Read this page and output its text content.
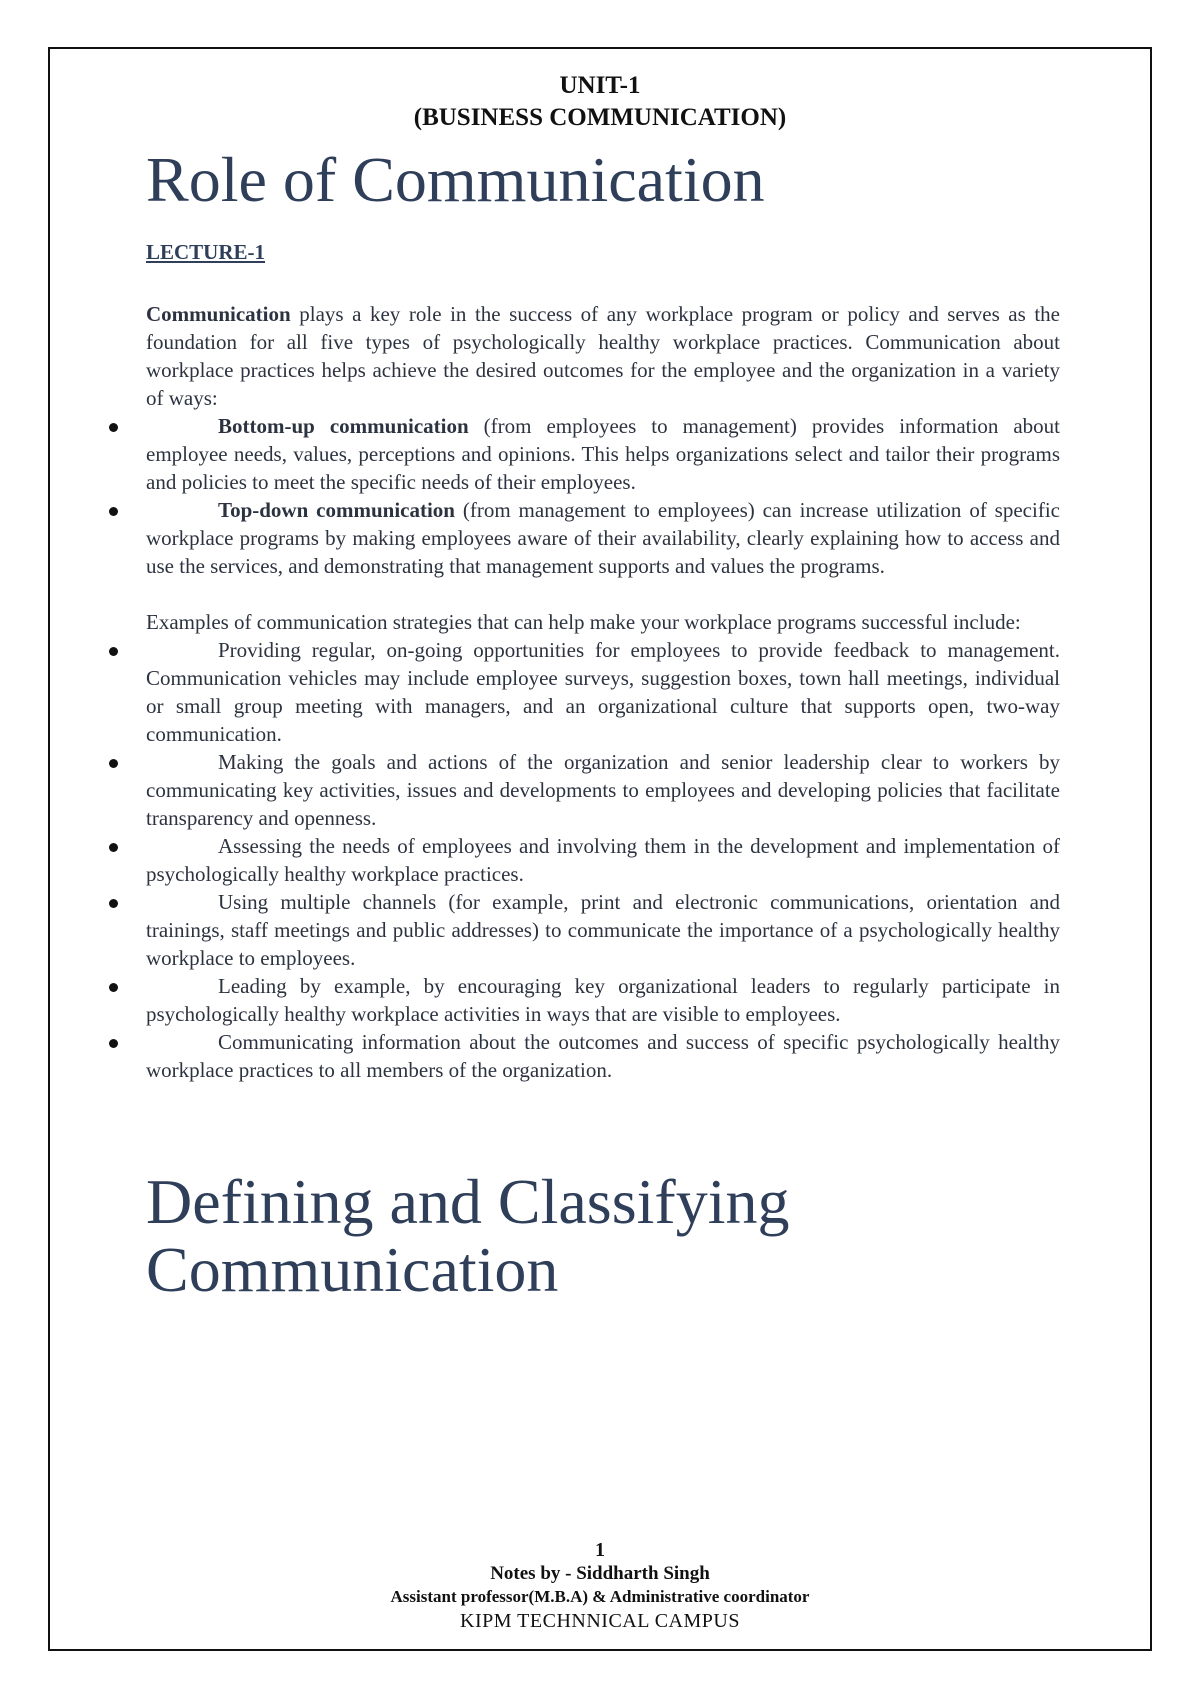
UNIT-1
(BUSINESS COMMUNICATION)
Role of Communication
LECTURE-1

Communication plays a key role in the success of any workplace program or policy and serves as the foundation for all five types of psychologically healthy workplace practices. Communication about workplace practices helps achieve the desired outcomes for the employee and the organization in a variety of ways:

Bottom-up communication (from employees to management) provides information about employee needs, values, perceptions and opinions. This helps organizations select and tailor their programs and policies to meet the specific needs of their employees.
Top-down communication (from management to employees) can increase utilization of specific workplace programs by making employees aware of their availability, clearly explaining how to access and use the services, and demonstrating that management supports and values the programs.

Examples of communication strategies that can help make your workplace programs successful include:

Providing regular, on-going opportunities for employees to provide feedback to management. Communication vehicles may include employee surveys, suggestion boxes, town hall meetings, individual or small group meeting with managers, and an organizational culture that supports open, two-way communication.
Making the goals and actions of the organization and senior leadership clear to workers by communicating key activities, issues and developments to employees and developing policies that facilitate transparency and openness.
Assessing the needs of employees and involving them in the development and implementation of psychologically healthy workplace practices.
Using multiple channels (for example, print and electronic communications, orientation and trainings, staff meetings and public addresses) to communicate the importance of a psychologically healthy workplace to employees.
Leading by example, by encouraging key organizational leaders to regularly participate in psychologically healthy workplace activities in ways that are visible to employees.
Communicating information about the outcomes and success of specific psychologically healthy workplace practices to all members of the organization.
Defining and Classifying Communication
1
Notes by - Siddharth Singh
Assistant professor(M.B.A) & Administrative coordinator
KIPM TECHNNICAL CAMPUS
